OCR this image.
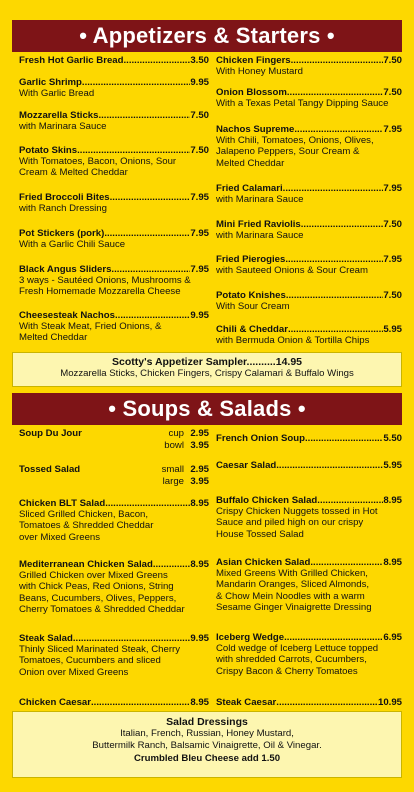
• Appetizers & Starters •
Fresh Hot Garlic Bread .....	3.50
Garlic Shrimp .....	9.95
With Garlic Bread
Mozzarella Sticks .....	7.50
with Marinara Sauce
Potato Skins .....	7.50
With Tomatoes, Bacon, Onions, Sour
Cream & Melted Cheddar
Fried Broccoli Bites .....	7.95
with Ranch Dressing
Pot Stickers (pork) .....	7.95
With a Garlic Chili Sauce
Black Angus Sliders .....	7.95
3 ways - Sautéed Onions, Mushrooms &
Fresh Homemade Mozzarella Cheese
Cheesesteak Nachos .....	9.95
With Steak Meat, Fried Onions, &
Melted Cheddar
Chicken Fingers .....	7.50
With Honey Mustard
Onion Blossom .....	7.50
With a Texas Petal Tangy Dipping Sauce
Nachos Supreme .....	7.95
With Chili, Tomatoes, Onions, Olives,
Jalapeno Peppers, Sour Cream &
Melted Cheddar
Fried Calamari .....	7.95
with Marinara Sauce
Mini Fried Raviolis .....	7.50
with Marinara Sauce
Fried Pierogies .....	7.95
with Sauteed Onions & Sour Cream
Potato Knishes .....	7.50
With Sour Cream
Chili & Cheddar .....	5.95
with Bermuda Onion & Tortilla Chips
Scotty's Appetizer Sampler..........14.95
Mozzarella Sticks, Chicken Fingers, Crispy Calamari & Buffalo Wings
• Soups & Salads •
Chicken BLT Salad .....	8.95
Sliced Grilled Chicken, Bacon,
Tomatoes & Shredded Cheddar
over Mixed Greens
Mediterranean Chicken Salad .....	8.95
Grilled Chicken over Mixed Greens
with Chick Peas, Red Onions, String
Beans, Cucumbers, Olives, Peppers,
Cherry Tomatoes & Shredded Cheddar
Steak Salad .....	9.95
Thinly Sliced Marinated Steak, Cherry
Tomatoes, Cucumbers and sliced
Onion over Mixed Greens
Chicken Caesar .....	8.95
Soup Du Jour	cup 2.95
bowl 3.95
Tossed Salad	small 2.95
large 3.95
French Onion Soup .....	5.50
Caesar Salad .....	5.95
Buffalo Chicken Salad .....	8.95
Crispy Chicken Nuggets tossed in Hot
Sauce and piled high on our crispy
House Tossed Salad
Asian Chicken Salad .....	8.95
Mixed Greens With Grilled Chicken,
Mandarin Oranges, Sliced Almonds,
& Chow Mein Noodles with a warm
Sesame Ginger Vinaigrette Dressing
Iceberg Wedge .....	6.95
Cold wedge of Iceberg Lettuce topped
with shredded Carrots, Cucumbers,
Crispy Bacon & Cherry Tomatoes
Steak Caesar .....	10.95
Salad Dressings
Italian, French, Russian, Honey Mustard,
Buttermilk Ranch, Balsamic Vinaigrette, Oil & Vinegar.
Crumbled Bleu Cheese add 1.50
